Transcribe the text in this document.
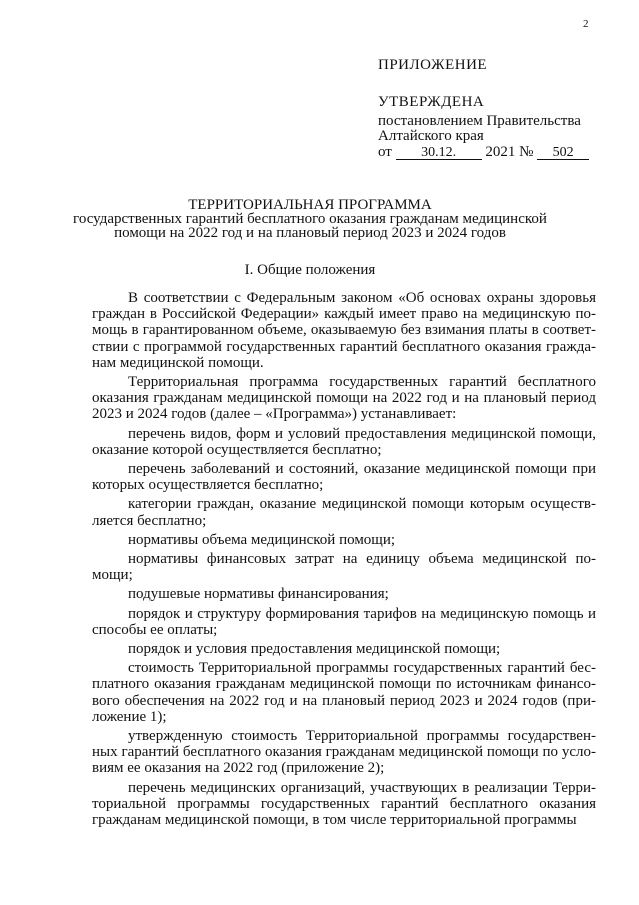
2
ПРИЛОЖЕНИЕ
УТВЕРЖДЕНА
постановлением Правительства
Алтайского края
от 30.12. 2021 № 502
ТЕРРИТОРИАЛЬНАЯ ПРОГРАММА
государственных гарантий бесплатного оказания гражданам медицинской
помощи на 2022 год и на плановый период 2023 и 2024 годов
I. Общие положения

В соответствии с Федеральным законом «Об основах охраны здоровья граждан в Российской Федерации» каждый имеет право на медицинскую помощь в гарантированном объеме, оказываемую без взимания платы в соответствии с программой государственных гарантий бесплатного оказания гражданам медицинской помощи.

Территориальная программа государственных гарантий бесплатного оказания гражданам медицинской помощи на 2022 год и на плановый период 2023 и 2024 годов (далее – «Программа») устанавливает:

перечень видов, форм и условий предоставления медицинской помощи, оказание которой осуществляется бесплатно;

перечень заболеваний и состояний, оказание медицинской помощи при которых осуществляется бесплатно;

категории граждан, оказание медицинской помощи которым осуществляется бесплатно;

нормативы объема медицинской помощи;

нормативы финансовых затрат на единицу объема медицинской помощи;

подушевые нормативы финансирования;

порядок и структуру формирования тарифов на медицинскую помощь и способы ее оплаты;

порядок и условия предоставления медицинской помощи;

стоимость Территориальной программы государственных гарантий бесплатного оказания гражданам медицинской помощи по источникам финансового обеспечения на 2022 год и на плановый период 2023 и 2024 годов (приложение 1);

утвержденную стоимость Территориальной программы государственных гарантий бесплатного оказания гражданам медицинской помощи по условиям ее оказания на 2022 год (приложение 2);

перечень медицинских организаций, участвующих в реализации Территориальной программы государственных гарантий бесплатного оказания гражданам медицинской помощи, в том числе территориальной программы
